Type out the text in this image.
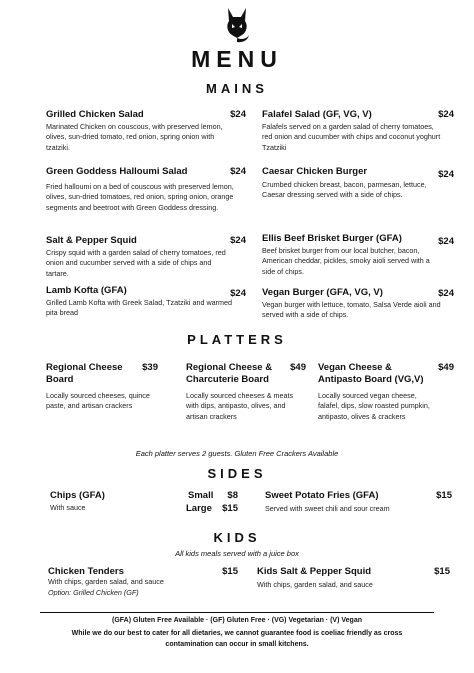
MENU
MAINS
Grilled Chicken Salad	$24
Marinated Chicken on couscous, with preserved lemon, olives, sun-dried tomato, red onion, spring onion with tzatziki.
Green Goddess Halloumi Salad	$24
Fried halloumi on a bed of couscous with preserved lemon, olives, sun-dried tomatoes, red onion, spring onion, orange segments and beetroot with Green Goddess dressing.
Salt & Pepper Squid	$24
Crispy squid with a garden salad of cherry tomatoes, red onion and cucumber served with a side of chips and tartare.
Lamb Kofta (GFA)	$24
Grilled Lamb Kofta with Greek Salad, Tzatziki and warmed pita bread
Falafel Salad (GF, VG, V)	$24
Falafels served on a garden salad of cherry tomatoes, red onion and cucumber with chips and coconut yoghurt Tzatziki
Caesar Chicken Burger	$24
Crumbed chicken breast, bacon, parmesan, lettuce, Caesar dressing served with a side of chips.
Ellis Beef Brisket Burger (GFA)	$24
Beef brisket burger from our local butcher, bacon, American cheddar, pickles, smoky aioli served with a side of chips.
Vegan Burger (GFA, VG, V)	$24
Vegan burger with lettuce, tomato, Salsa Verde aioli and served with a side of chips.
PLATTERS
Regional Cheese
Board
$39
Locally sourced cheeses, quince paste, and artisan crackers
Regional Cheese &
Charcuterie Board
$49
Locally sourced cheeses & meats with dips, antipasto, olives, and artisan crackers
Vegan Cheese &
Antipasto Board (VG,V)
$49
Locally sourced vegan cheese, falafel, dips, slow roasted pumpkin, antipasto, olives & crackers
Each platter serves 2 guests. Gluten Free Crackers Available
SIDES
Chips (GFA)
With sauce
Small	$8
Large	$15
Sweet Potato Fries (GFA)	$15
Served with sweet chili and sour cream
KIDS
All kids meals served with a juice box
Chicken Tenders	$15
With chips, garden salad, and sauce
Option: Grilled Chicken (GF)
Kids Salt & Pepper Squid	$15
With chips, garden salad, and sauce
(GFA) Gluten Free Available · (GF) Gluten Free · (VG) Vegetarian · (V) Vegan
While we do our best to cater for all dietaries, we cannot guarantee food is coeliac friendly as cross
contamination can occur in small kitchens.
